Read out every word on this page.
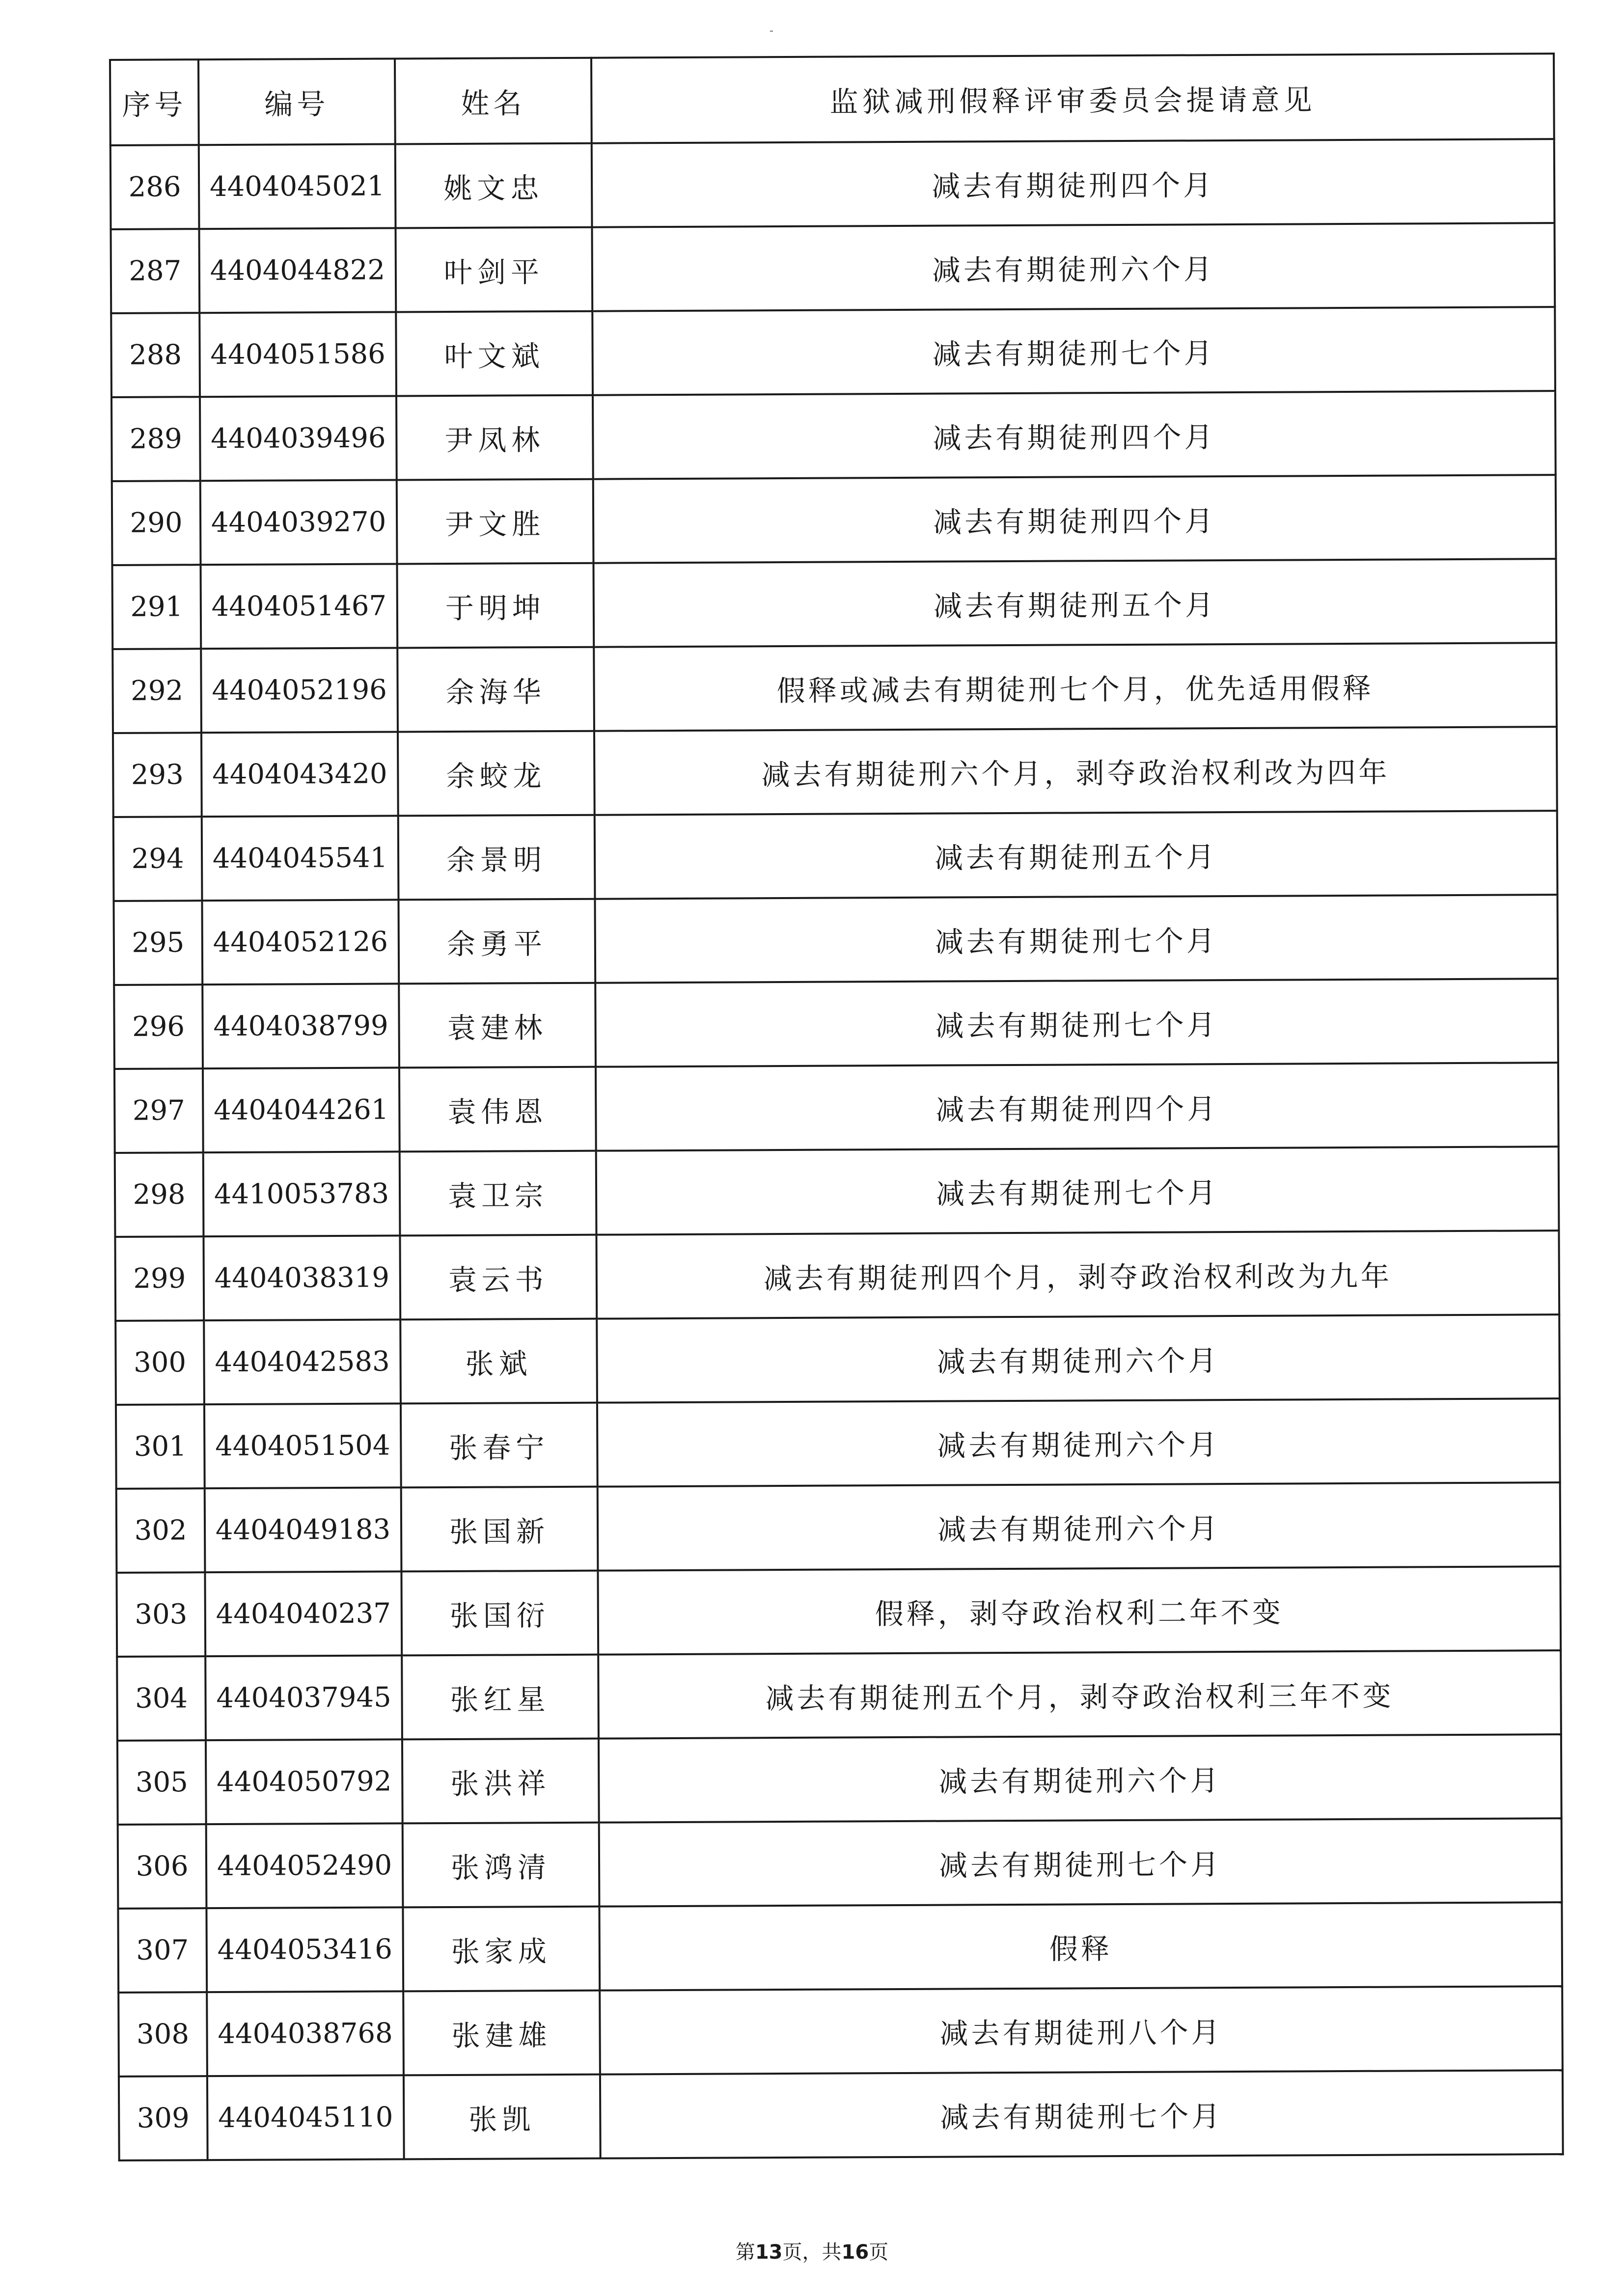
序号	编号	姓名	监狱减刑假释评审委员会提请意见
286	4404045021	姚文忠	减去有期徒刑四个月
287	4404044822	叶剑平	减去有期徒刑六个月
288	4404051586	叶文斌	减去有期徒刑七个月
289	4404039496	尹凤林	减去有期徒刑四个月
290	4404039270	尹文胜	减去有期徒刑四个月
291	4404051467	于明坤	减去有期徒刑五个月
292	4404052196	余海华	假释或减去有期徒刑七个月，优先适用假释
293	4404043420	余蛟龙	减去有期徒刑六个月，剥夺政治权利改为四年
294	4404045541	余景明	减去有期徒刑五个月
295	4404052126	余勇平	减去有期徒刑七个月
296	4404038799	袁建林	减去有期徒刑七个月
297	4404044261	袁伟恩	减去有期徒刑四个月
298	4410053783	袁卫宗	减去有期徒刑七个月
299	4404038319	袁云书	减去有期徒刑四个月，剥夺政治权利改为九年
300	4404042583	张斌	减去有期徒刑六个月
301	4404051504	张春宁	减去有期徒刑六个月
302	4404049183	张国新	减去有期徒刑六个月
303	4404040237	张国衍	假释，剥夺政治权利二年不变
304	4404037945	张红星	减去有期徒刑五个月，剥夺政治权利三年不变
305	4404050792	张洪祥	减去有期徒刑六个月
306	4404052490	张鸿清	减去有期徒刑七个月
307	4404053416	张家成	假释
308	4404038768	张建雄	减去有期徒刑八个月
309	4404045110	张凯	减去有期徒刑七个月
第13页，共16页
